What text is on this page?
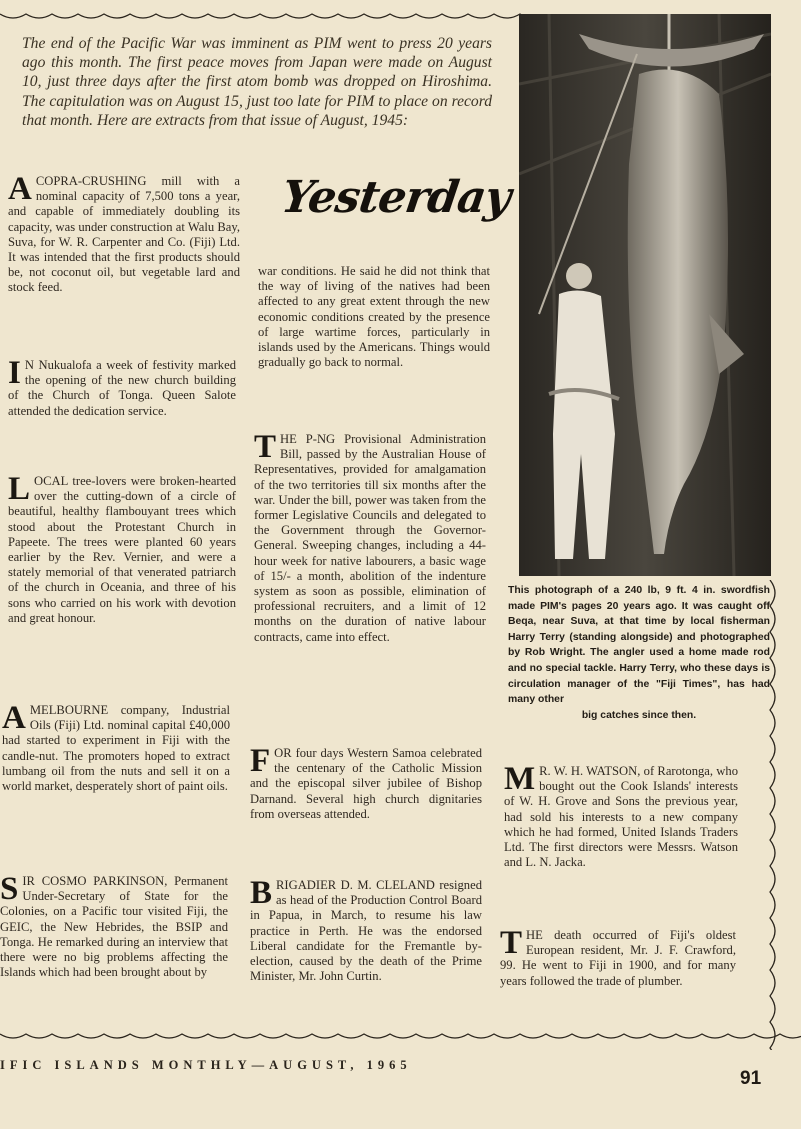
The end of the Pacific War was imminent as PIM went to press 20 years ago this month. The first peace moves from Japan were made on August 10, just three days after the first atom bomb was dropped on Hiroshima. The capitulation was on August 15, just too late for PIM to place on record that month. Here are extracts from that issue of August, 1945:

Yesterday

ACOPRA-CRUSHING mill with a nominal capacity of 7,500 tons a year, and capable of immediately doubling its capacity, was under construction at Walu Bay, Suva, for W. R. Carpenter and Co. (Fiji) Ltd. It was intended that the first products should be, not coconut oil, but vegetable lard and stock feed.

I N Nukualofa a week of festivity marked the opening of the new church building of the Church of Tonga. Queen Salote attended the dedication service.

LOCAL tree-lovers were broken-hearted over the cutting-down of a circle of beautiful, healthy flambouyant trees which stood about the Protestant Church in Papeete. The trees were planted 60 years earlier by the Rev. Vernier, and were a stately memorial of that venerated patriarch of the church in Oceania, and three of his sons who carried on his work with devotion and great honour.

AMELBOURNE company, Industrial Oils (Fiji) Ltd. nominal capital £40,000 had started to experiment in Fiji with the candle-nut. The promoters hoped to extract lumbang oil from the nuts and sell it on a world market, desperately short of paint oils.

SIR COSMO PARKINSON, Permanent Under-Secretary of State for the Colonies, on a Pacific tour visited Fiji, the GEIC, the New Hebrides, the BSIP and Tonga. He remarked during an interview that there were no big problems affecting the Islands which had been brought about by

war conditions. He said he did not think that the way of living of the natives had been affected to any great extent through the new economic conditions created by the presence of large wartime forces, particularly in islands used by the Americans. Things would gradually go back to normal.

THE P-NG Provisional Administration Bill, passed by the Australian House of Representatives, provided for amalgamation of the two territories till six months after the war. Under the bill, power was taken from the former Legislative Councils and delegated to the Government through the Governor-General. Sweeping changes, including a 44-hour week for native labourers, a basic wage of 15/- a month, abolition of the indenture system as soon as possible, elimination of professional recruiters, and a limit of 12 months on the duration of native labour contracts, came into effect.

FOR four days Western Samoa celebrated the centenary of the Catholic Mission and the episcopal silver jubilee of Bishop Darnand. Several high church dignitaries from overseas attended.

BRIGADIER D. M. CLELAND resigned as head of the Production Control Board in Papua, in March, to resume his law practice in Perth. He was the endorsed Liberal candidate for the Fremantle by-election, caused by the death of the Prime Minister, Mr. John Curtin.

This photograph of a 240 lb, 9 ft. 4 in. swordfish made PIM's pages 20 years ago. It was caught off Beqa, near Suva, at that time by local fisherman Harry Terry (standing alongside) and photographed by Rob Wright. The angler used a home made rod and no special tackle. Harry Terry, who these days is circulation manager of the "Fiji Times", has had many other
big catches since then.

M R. W. H. WATSON, of Rarotonga, who bought out the Cook Islands' interests of W. H. Grove and Sons the previous year, had sold his interests to a new company which he had formed, United Islands Traders Ltd. The first directors were Messrs. Watson and L. N. Jacka.

THE death occurred of Fiji's oldest European resident, Mr. J. F. Crawford, 99. He went to Fiji in 1900, and for many years followed the trade of plumber.

IFIC ISLANDS MONTHLY—AUGUST, 1965
91
